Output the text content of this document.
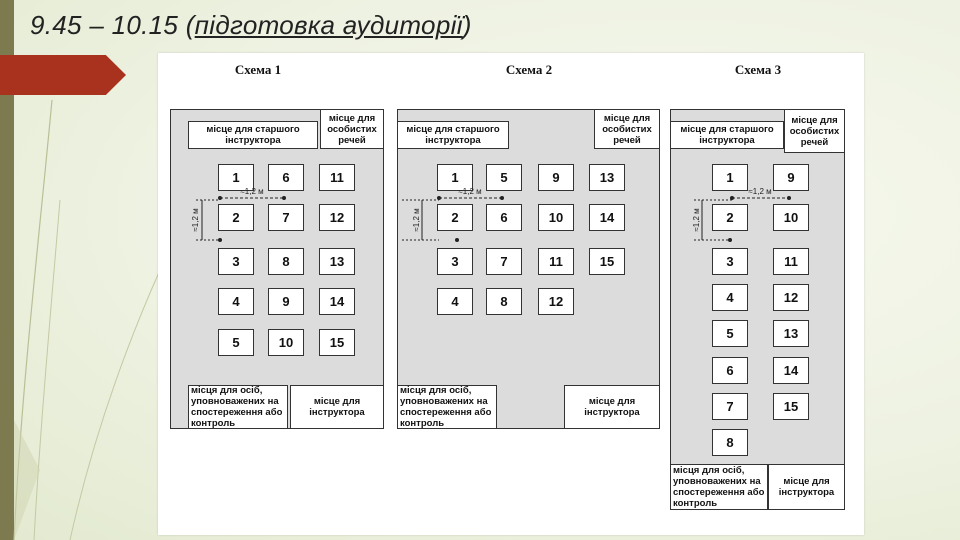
9.45 – 10.15 (підготовка аудиторії)
Схема 1
місце для старшого інструктора
місце для особистих речей
місця для осіб, уповноважених на спостереження або контроль
місце для інструктора
1	6	11
2	7	12
3	8	13
4	9	14
5	10	15
≈1,2 м
≈1,2 м
Схема 2
місце для старшого інструктора
місце для особистих речей
місця для осіб, уповноважених на спостереження або контроль
місце для інструктора
1	5	9	13
2	6	10	14
3	7	11	15
4	8	12
≈1,2 м
≈1,2 м
Схема 3
місце для старшого інструктора
місце для особистих речей
місця для осіб, уповноважених на спостереження або контроль
місце для інструктора
1	9
2	10
3	11
4	12
5	13
6	14
7	15
8
≈1,2 м
≈1,2 м
